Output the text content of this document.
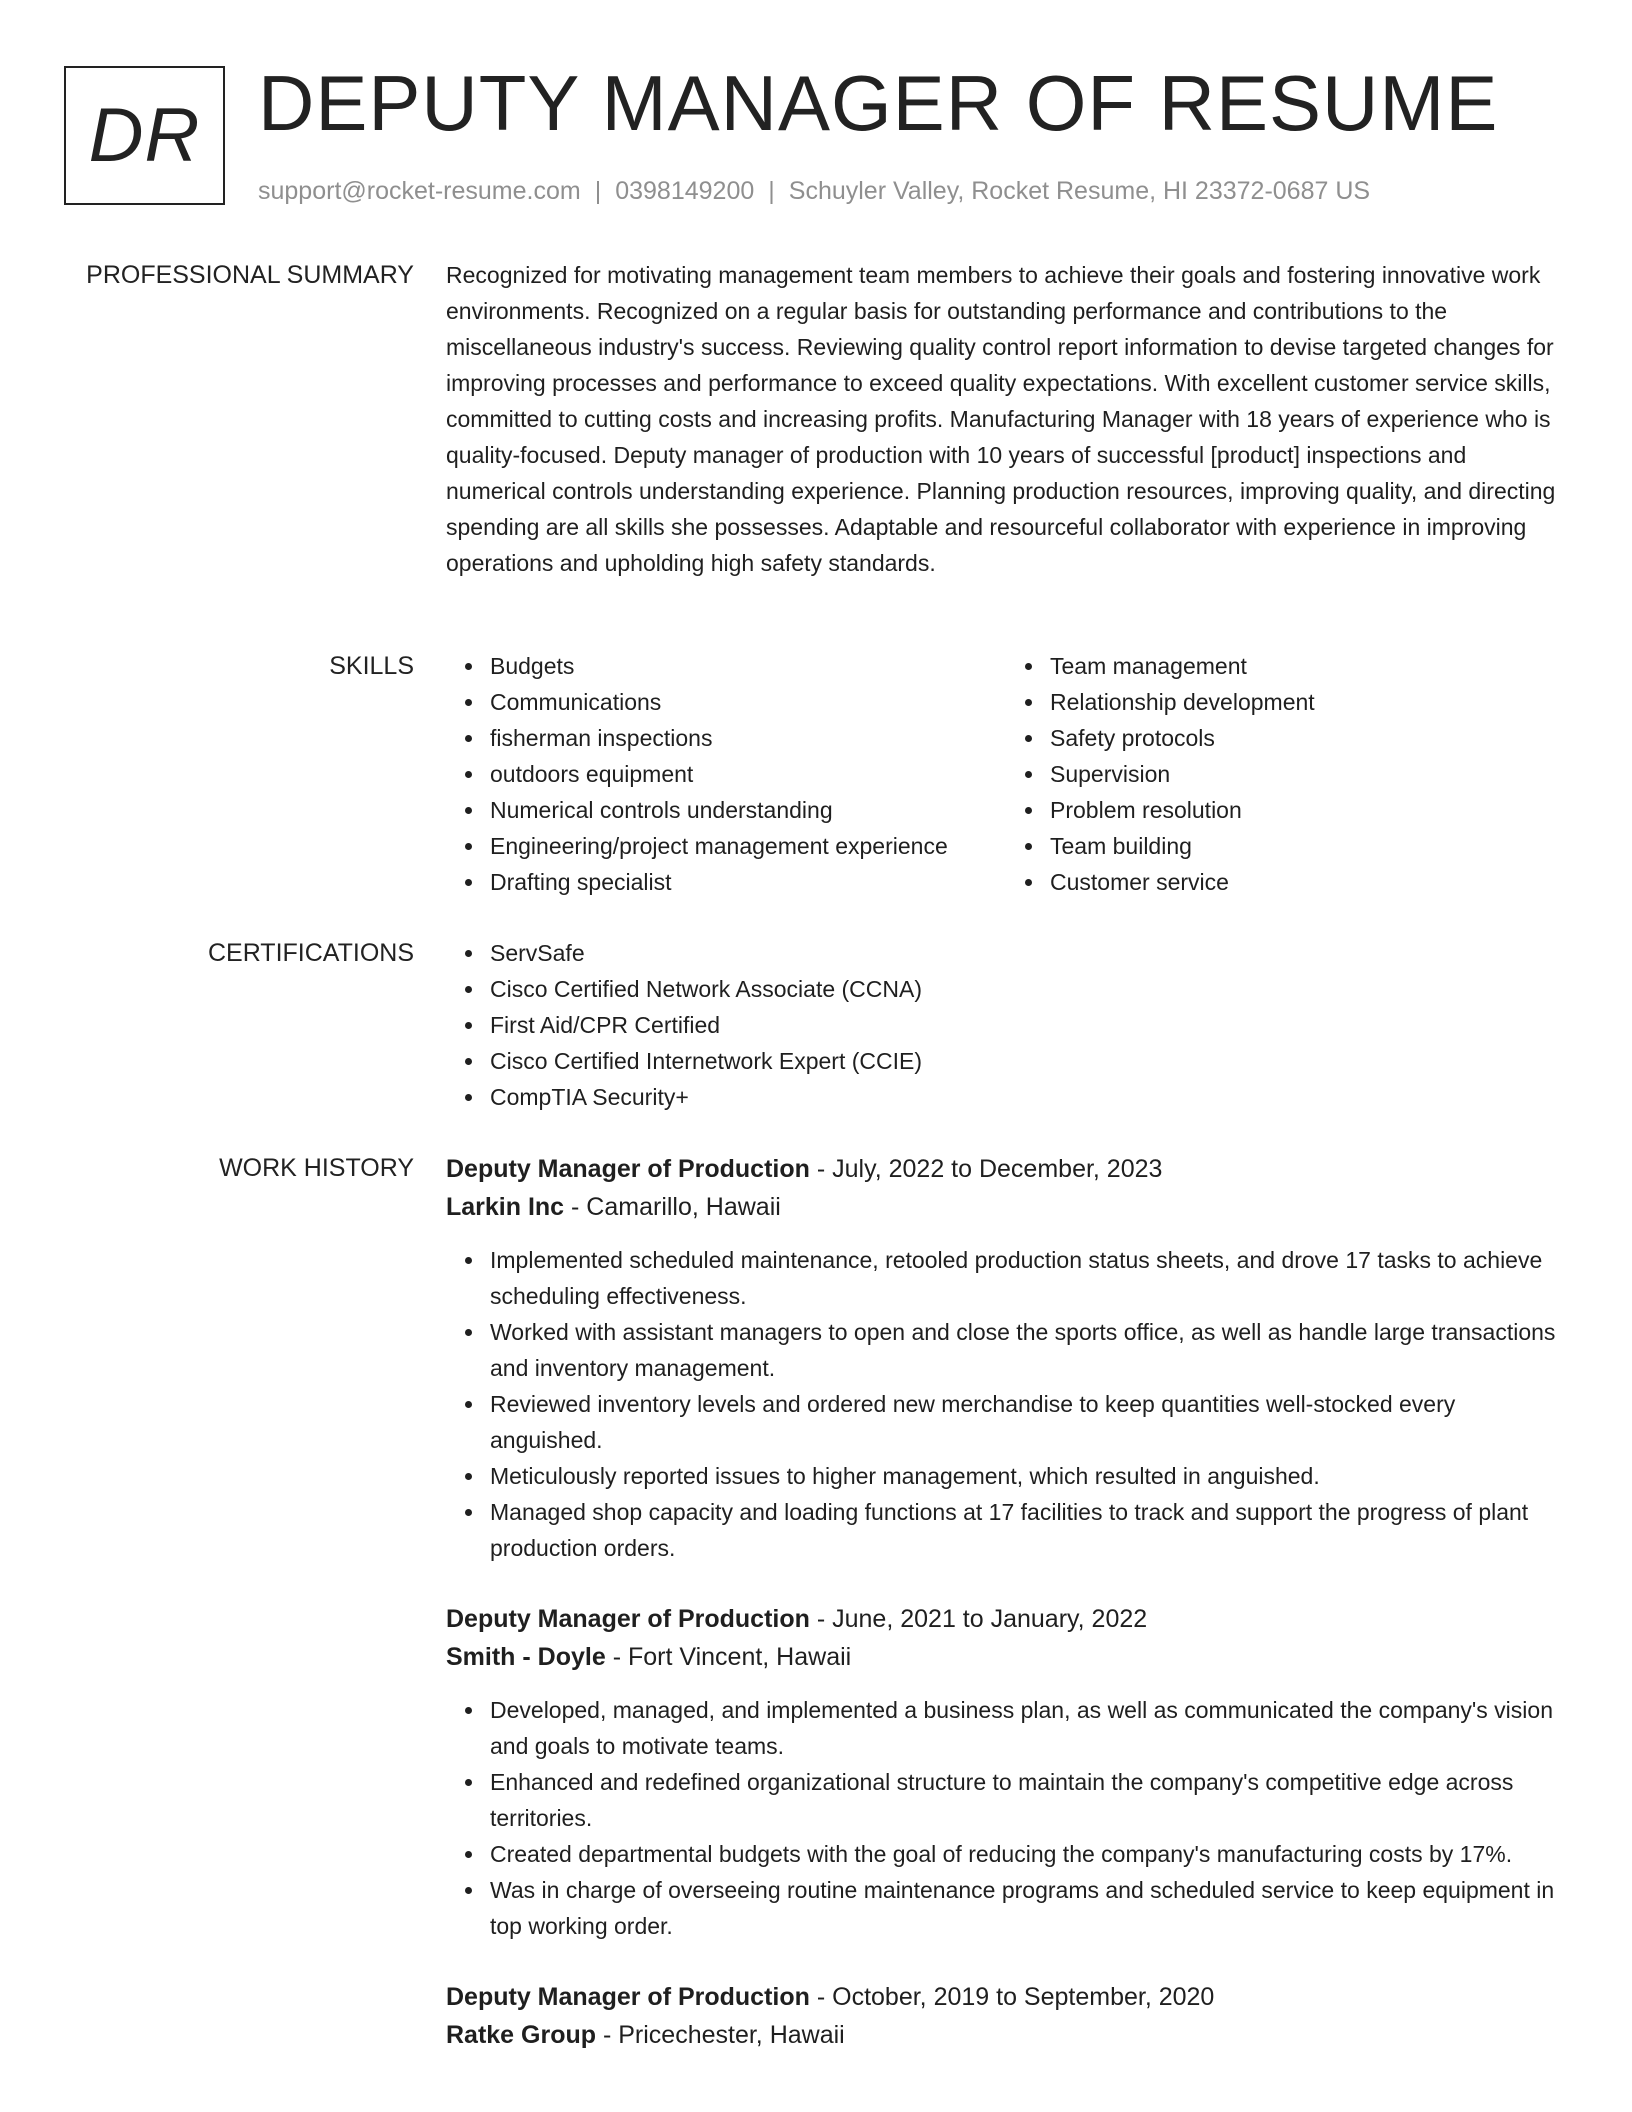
DR DEPUTY MANAGER OF RESUME
support@rocket-resume.com | 0398149200 | Schuyler Valley, Rocket Resume, HI 23372-0687 US
PROFESSIONAL SUMMARY Recognized for motivating management team members to achieve their goals and fostering innovative work environments. Recognized on a regular basis for outstanding performance and contributions to the miscellaneous industry's success. Reviewing quality control report information to devise targeted changes for improving processes and performance to exceed quality expectations. With excellent customer service skills, committed to cutting costs and increasing profits. Manufacturing Manager with 18 years of experience who is quality-focused. Deputy manager of production with 10 years of successful [product] inspections and numerical controls understanding experience. Planning production resources, improving quality, and directing spending are all skills she possesses. Adaptable and resourceful collaborator with experience in improving operations and upholding high safety standards.

SKILLS	Budgets
Communications
fisherman inspections
outdoors equipment
Numerical controls understanding
Engineering/project management experience
Drafting specialist
Team management
Relationship development
Safety protocols
Supervision
Problem resolution
Team building
Customer service
CERTIFICATIONS	ServSafe
Cisco Certified Network Associate (CCNA)
First Aid/CPR Certified
Cisco Certified Internetwork Expert (CCIE)
CompTIA Security+
WORK HISTORY Deputy Manager of Production - July, 2022 to December, 2023
Larkin Inc - Camarillo, Hawaii
Implemented scheduled maintenance, retooled production status sheets, and drove 17 tasks to achieve scheduling effectiveness.
Worked with assistant managers to open and close the sports office, as well as handle large transactions and inventory management.
Reviewed inventory levels and ordered new merchandise to keep quantities well-stocked every anguished.
Meticulously reported issues to higher management, which resulted in anguished.
Managed shop capacity and loading functions at 17 facilities to track and support the progress of plant production orders.
Deputy Manager of Production - June, 2021 to January, 2022
Smith - Doyle - Fort Vincent, Hawaii
Developed, managed, and implemented a business plan, as well as communicated the company's vision and goals to motivate teams.
Enhanced and redefined organizational structure to maintain the company's competitive edge across territories.
Created departmental budgets with the goal of reducing the company's manufacturing costs by 17%.
Was in charge of overseeing routine maintenance programs and scheduled service to keep equipment in top working order.
Deputy Manager of Production - October, 2019 to September, 2020
Ratke Group - Pricechester, Hawaii
